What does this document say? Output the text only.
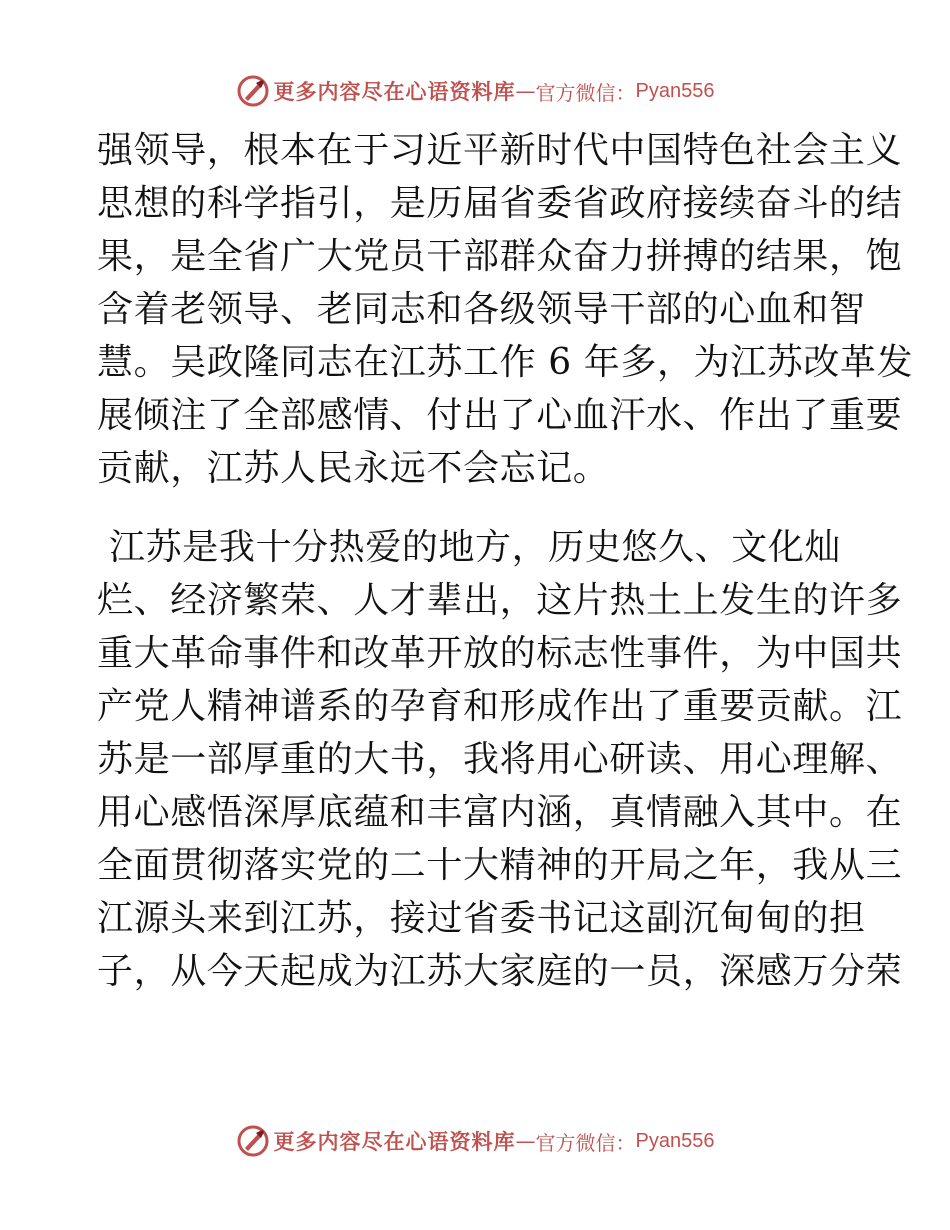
更多内容尽在心语资料库 — 官方微信： Pyan556
强领导，根本在于习近平新时代中国特色社会主义
思想的科学指引，是历届省委省政府接续奋斗的结
果，是全省广大党员干部群众奋力拼搏的结果，饱
含着老领导、老同志和各级领导干部的心血和智
慧。吴政隆同志在江苏工作 6 年多，为江苏改革发
展倾注了全部感情、付出了心血汗水、作出了重要
贡献，江苏人民永远不会忘记。
江苏是我十分热爱的地方，历史悠久、文化灿
烂、经济繁荣、人才辈出，这片热土上发生的许多
重大革命事件和改革开放的标志性事件，为中国共
产党人精神谱系的孕育和形成作出了重要贡献。江
苏是一部厚重的大书，我将用心研读、用心理解、
用心感悟深厚底蕴和丰富内涵，真情融入其中。在
全面贯彻落实党的二十大精神的开局之年，我从三
江源头来到江苏，接过省委书记这副沉甸甸的担
子，从今天起成为江苏大家庭的一员，深感万分荣
更多内容尽在心语资料库 — 官方微信： Pyan556
